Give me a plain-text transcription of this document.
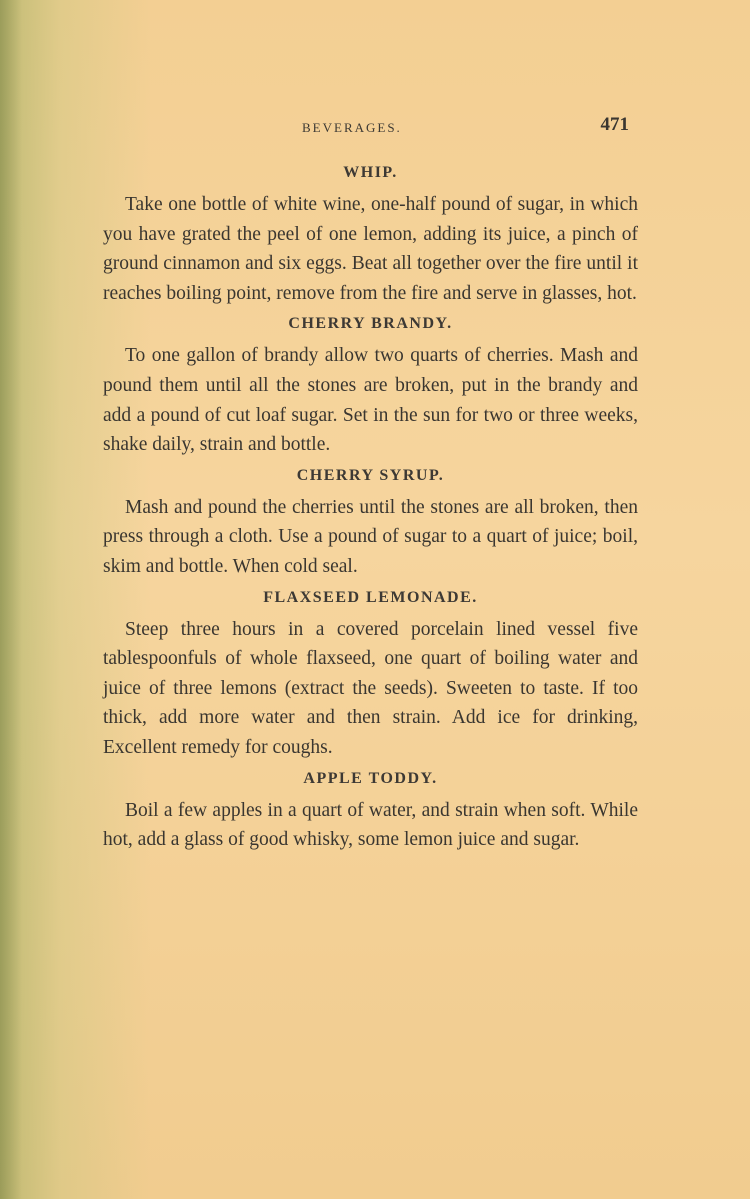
BEVERAGES.	471
WHIP.

Take one bottle of white wine, one-half pound of sugar, in which you have grated the peel of one lemon, adding its juice, a pinch of ground cinnamon and six eggs. Beat all together over the fire until it reaches boiling point, remove from the fire and serve in glasses, hot.

CHERRY BRANDY.

To one gallon of brandy allow two quarts of cherries. Mash and pound them until all the stones are broken, put in the brandy and add a pound of cut loaf sugar. Set in the sun for two or three weeks, shake daily, strain and bottle.

CHERRY SYRUP.

Mash and pound the cherries until the stones are all broken, then press through a cloth. Use a pound of sugar to a quart of juice; boil, skim and bottle. When cold seal.

FLAXSEED LEMONADE.

Steep three hours in a covered porcelain lined vessel five tablespoonfuls of whole flaxseed, one quart of boiling water and juice of three lemons (extract the seeds). Sweeten to taste. If too thick, add more water and then strain. Add ice for drinking, Excellent remedy for coughs.

APPLE TODDY.

Boil a few apples in a quart of water, and strain when soft. While hot, add a glass of good whisky, some lemon juice and sugar.
